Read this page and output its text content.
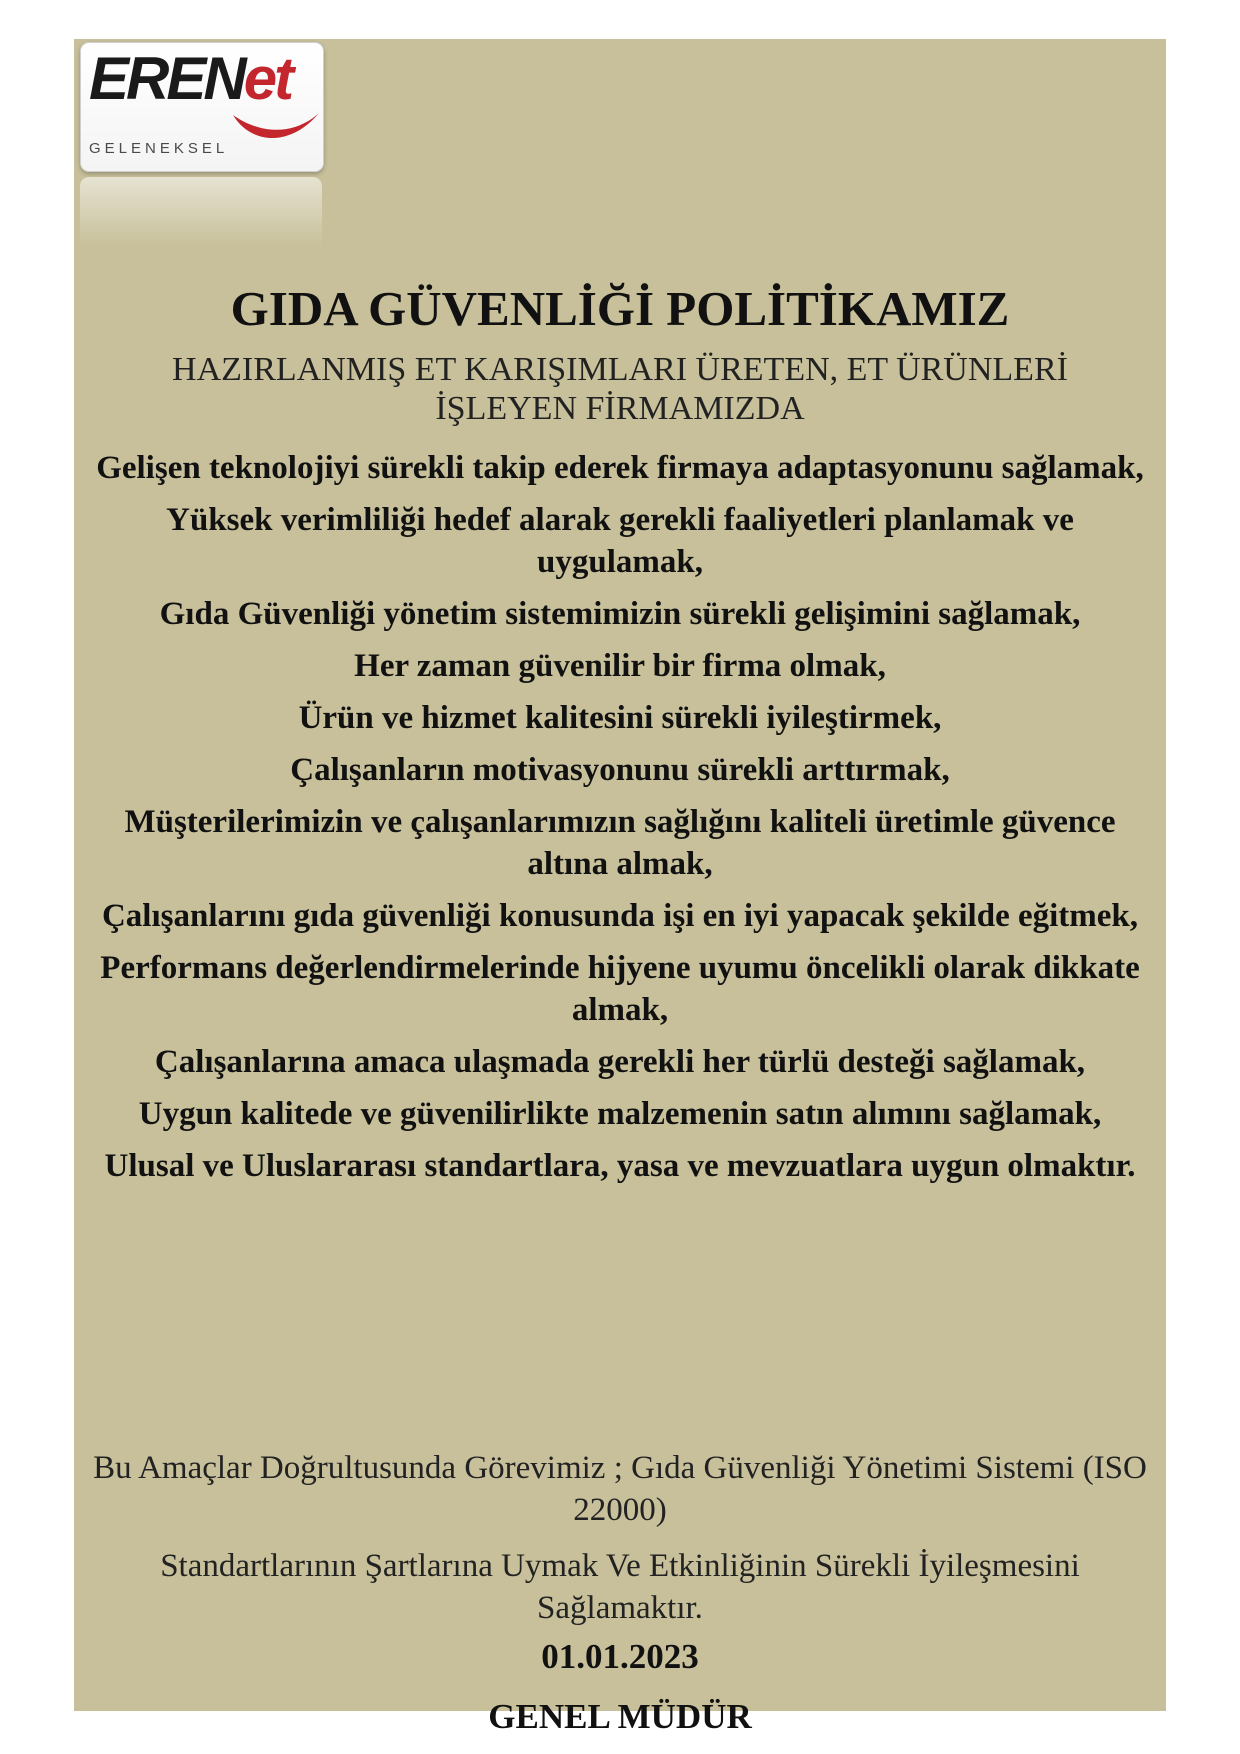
ERENet
GELENEKSEL
GIDA GÜVENLİĞİ POLİTİKAMIZ
HAZIRLANMIŞ ET KARIŞIMLARI ÜRETEN, ET ÜRÜNLERİ
İŞLEYEN FİRMAMIZDA

Gelişen teknolojiyi sürekli takip ederek firmaya adaptasyonunu sağlamak,

Yüksek verimliliği hedef alarak gerekli faaliyetleri planlamak ve uygulamak,

Gıda Güvenliği yönetim sistemimizin sürekli gelişimini sağlamak,

Her zaman güvenilir bir firma olmak,

Ürün ve hizmet kalitesini sürekli iyileştirmek,

Çalışanların motivasyonunu sürekli arttırmak,

Müşterilerimizin ve çalışanlarımızın sağlığını kaliteli üretimle güvence altına almak,

Çalışanlarını gıda güvenliği konusunda işi en iyi yapacak şekilde eğitmek,

Performans değerlendirmelerinde hijyene uyumu öncelikli olarak dikkate almak,

Çalışanlarına amaca ulaşmada gerekli her türlü desteği sağlamak,

Uygun kalitede ve güvenilirlikte malzemenin satın alımını sağlamak,

Ulusal ve Uluslararası standartlara, yasa ve mevzuatlara uygun olmaktır.

Bu Amaçlar Doğrultusunda Görevimiz ; Gıda Güvenliği Yönetimi Sistemi (ISO 22000)

Standartlarının Şartlarına Uymak Ve Etkinliğinin Sürekli İyileşmesini Sağlamaktır.

01.01.2023
GENEL MÜDÜR
